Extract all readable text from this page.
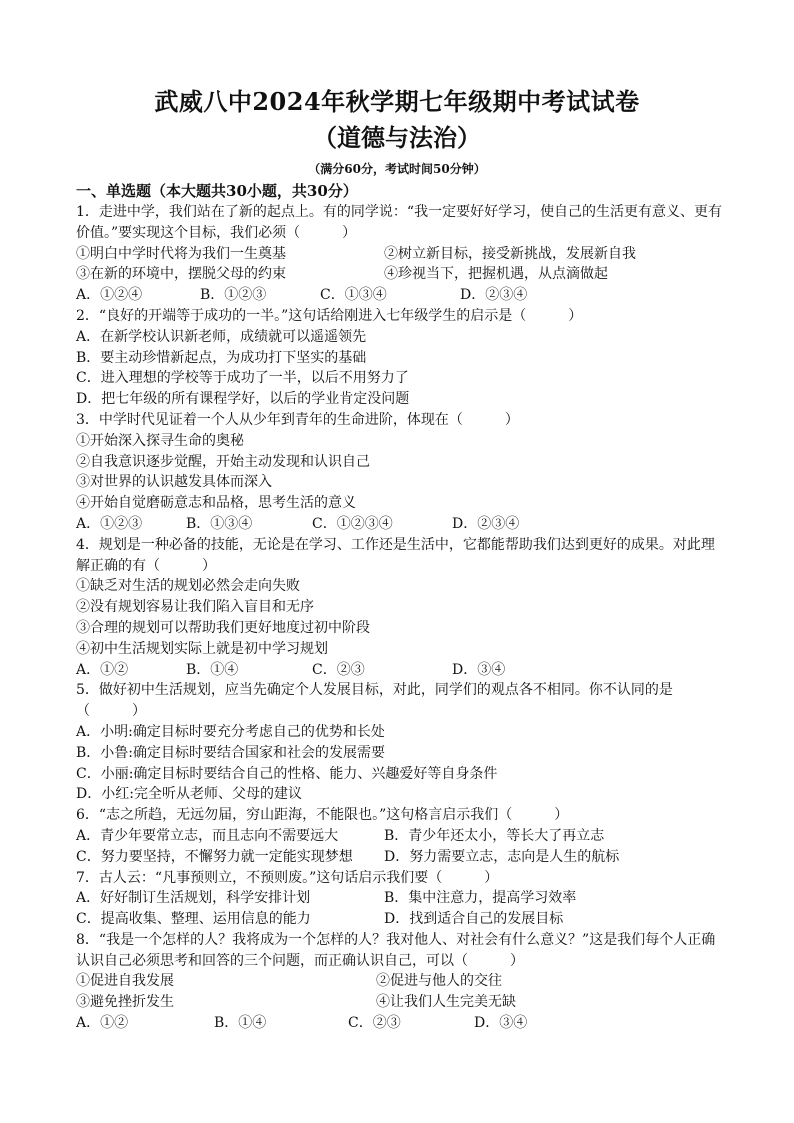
武威八中2024年秋学期七年级期中考试试卷
（道德与法治）
（满分60分，考试时间50分钟）
一、单选题（本大题共30小题，共30分）
1．走进中学，我们站在了新的起点上。有的同学说：“我一定要好好学习，使自己的生活更有意义、更有价值。”要实现这个目标，我们必须（　　　）
①明白中学时代将为我们一生奠基	②树立新目标，接受新挑战，发展新自我
③在新的环境中，摆脱父母的约束	④珍视当下，把握机遇，从点滴做起
A．①②④	B．①②③	C．①③④	D．②③④
2．“良好的开端等于成功的一半。”这句话给刚进入七年级学生的启示是（　　　）
A．在新学校认识新老师，成绩就可以遥遥领先
B．要主动珍惜新起点，为成功打下坚实的基础
C．进入理想的学校等于成功了一半，以后不用努力了
D．把七年级的所有课程学好，以后的学业肯定没问题
3．中学时代见证着一个人从少年到青年的生命进阶，体现在（　　　）
①开始深入探寻生命的奥秘
②自我意识逐步觉醒，开始主动发现和认识自己
③对世界的认识越发具体而深入
④开始自觉磨砺意志和品格，思考生活的意义
A．①②③	B．①③④	C．①②③④	D．②③④
4．规划是一种必备的技能，无论是在学习、工作还是生活中，它都能帮助我们达到更好的成果。对此理解正确的有（　　　）
①缺乏对生活的规划必然会走向失败
②没有规划容易让我们陷入盲目和无序
③合理的规划可以帮助我们更好地度过初中阶段
④初中生活规划实际上就是初中学习规划
A．①②	B．①④	C．②③	D．③④
5．做好初中生活规划，应当先确定个人发展目标，对此，同学们的观点各不相同。你不认同的是（　　　）
A．小明:确定目标时要充分考虑自己的优势和长处
B．小鲁:确定目标时要结合国家和社会的发展需要
C．小丽:确定目标时要结合自己的性格、能力、兴趣爱好等自身条件
D．小红:完全听从老师、父母的建议
6．“志之所趋，无远勿届，穷山距海，不能限也。”这句格言启示我们（　　　）
A．青少年要常立志，而且志向不需要远大	B．青少年还太小，等长大了再立志
C．努力要坚持，不懈努力就一定能实现梦想 D．努力需要立志，志向是人生的航标
7．古人云：“凡事预则立，不预则废。”这句话启示我们要（　　　）
A．好好制订生活规划，科学安排计划	B．集中注意力，提高学习效率
C．提高收集、整理、运用信息的能力	D．找到适合自己的发展目标
8．“我是一个怎样的人？我将成为一个怎样的人？我对他人、对社会有什么意义？”这是我们每个人正确认识自己必须思考和回答的三个问题，而正确认识自己，可以（　　　）
①促进自我发展	②促进与他人的交往
③避免挫折发生	④让我们人生完美无缺
A．①②	B．①④	C．②③	D．③④
